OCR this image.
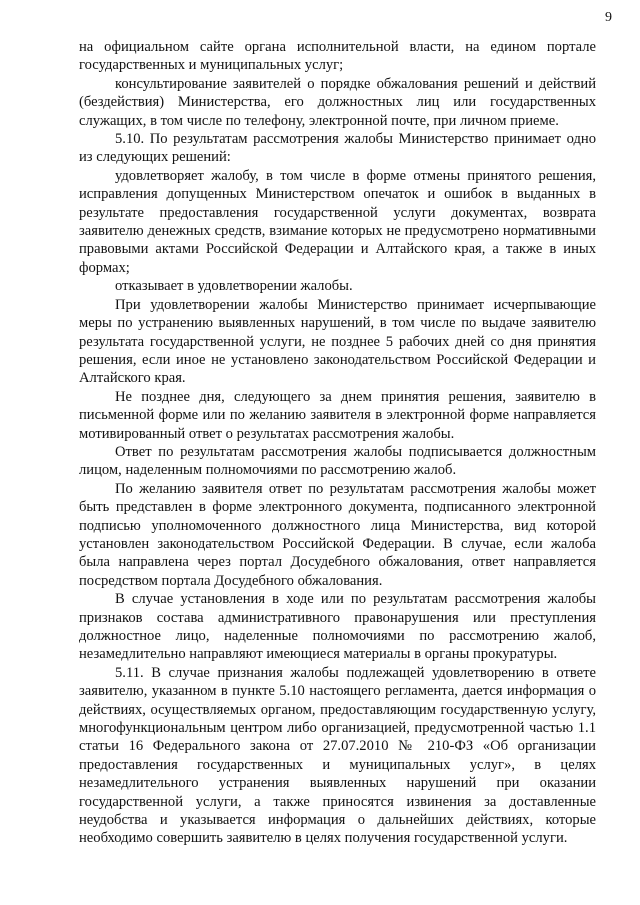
9

на официальном сайте органа исполнительной власти, на едином портале государственных и муниципальных услуг;

консультирование заявителей о порядке обжалования решений и действий (бездействия) Министерства, его должностных лиц или государственных служащих, в том числе по телефону, электронной почте, при личном приеме.

5.10. По результатам рассмотрения жалобы Министерство принимает одно из следующих решений:

удовлетворяет жалобу, в том числе в форме отмены принятого решения, исправления допущенных Министерством опечаток и ошибок в выданных в результате предоставления государственной услуги документах, возврата заявителю денежных средств, взимание которых не предусмотрено нормативными правовыми актами Российской Федерации и Алтайского края, а также в иных формах;

отказывает в удовлетворении жалобы.

При удовлетворении жалобы Министерство принимает исчерпывающие меры по устранению выявленных нарушений, в том числе по выдаче заявителю результата государственной услуги, не позднее 5 рабочих дней со дня принятия решения, если иное не установлено законодательством Российской Федерации и Алтайского края.

Не позднее дня, следующего за днем принятия решения, заявителю в письменной форме или по желанию заявителя в электронной форме направляется мотивированный ответ о результатах рассмотрения жалобы.

Ответ по результатам рассмотрения жалобы подписывается должностным лицом, наделенным полномочиями по рассмотрению жалоб.

По желанию заявителя ответ по результатам рассмотрения жалобы может быть представлен в форме электронного документа, подписанного электронной подписью уполномоченного должностного лица Министерства, вид которой установлен законодательством Российской Федерации. В случае, если жалоба была направлена через портал Досудебного обжалования, ответ направляется посредством портала Досудебного обжалования.

В случае установления в ходе или по результатам рассмотрения жалобы признаков состава административного правонарушения или преступления должностное лицо, наделенные полномочиями по рассмотрению жалоб, незамедлительно направляют имеющиеся материалы в органы прокуратуры.

5.11. В случае признания жалобы подлежащей удовлетворению в ответе заявителю, указанном в пункте 5.10 настоящего регламента, дается информация о действиях, осуществляемых органом, предоставляющим государственную услугу, многофункциональным центром либо организацией, предусмотренной частью 1.1 статьи 16 Федерального закона от 27.07.2010 № 210-ФЗ «Об организации предоставления государственных и муниципальных услуг», в целях незамедлительного устранения выявленных нарушений при оказании государственной услуги, а также приносятся извинения за доставленные неудобства и указывается информация о дальнейших действиях, которые необходимо совершить заявителю в целях получения государственной услуги.
